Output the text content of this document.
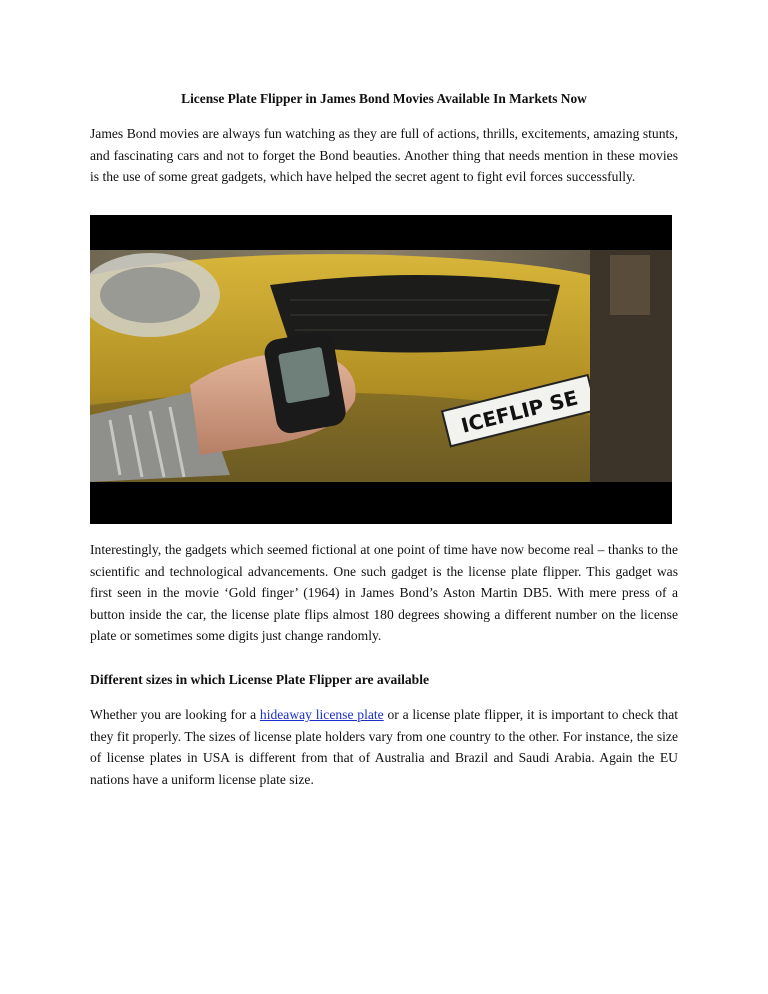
License Plate Flipper in James Bond Movies Available In Markets Now

James Bond movies are always fun watching as they are full of actions, thrills, excitements, amazing stunts, and fascinating cars and not to forget the Bond beauties. Another thing that needs mention in these movies is the use of some great gadgets, which have helped the secret agent to fight evil forces successfully.

ICEFLIP SE

Interestingly, the gadgets which seemed fictional at one point of time have now become real – thanks to the scientific and technological advancements. One such gadget is the license plate flipper. This gadget was first seen in the movie ‘Gold finger’ (1964) in James Bond’s Aston Martin DB5. With mere press of a button inside the car, the license plate flips almost 180 degrees showing a different number on the license plate or sometimes some digits just change randomly.

Different sizes in which License Plate Flipper are available

Whether you are looking for a hideaway license plate or a license plate flipper, it is important to check that they fit properly. The sizes of license plate holders vary from one country to the other. For instance, the size of license plates in USA is different from that of Australia and Brazil and Saudi Arabia. Again the EU nations have a uniform license plate size.
